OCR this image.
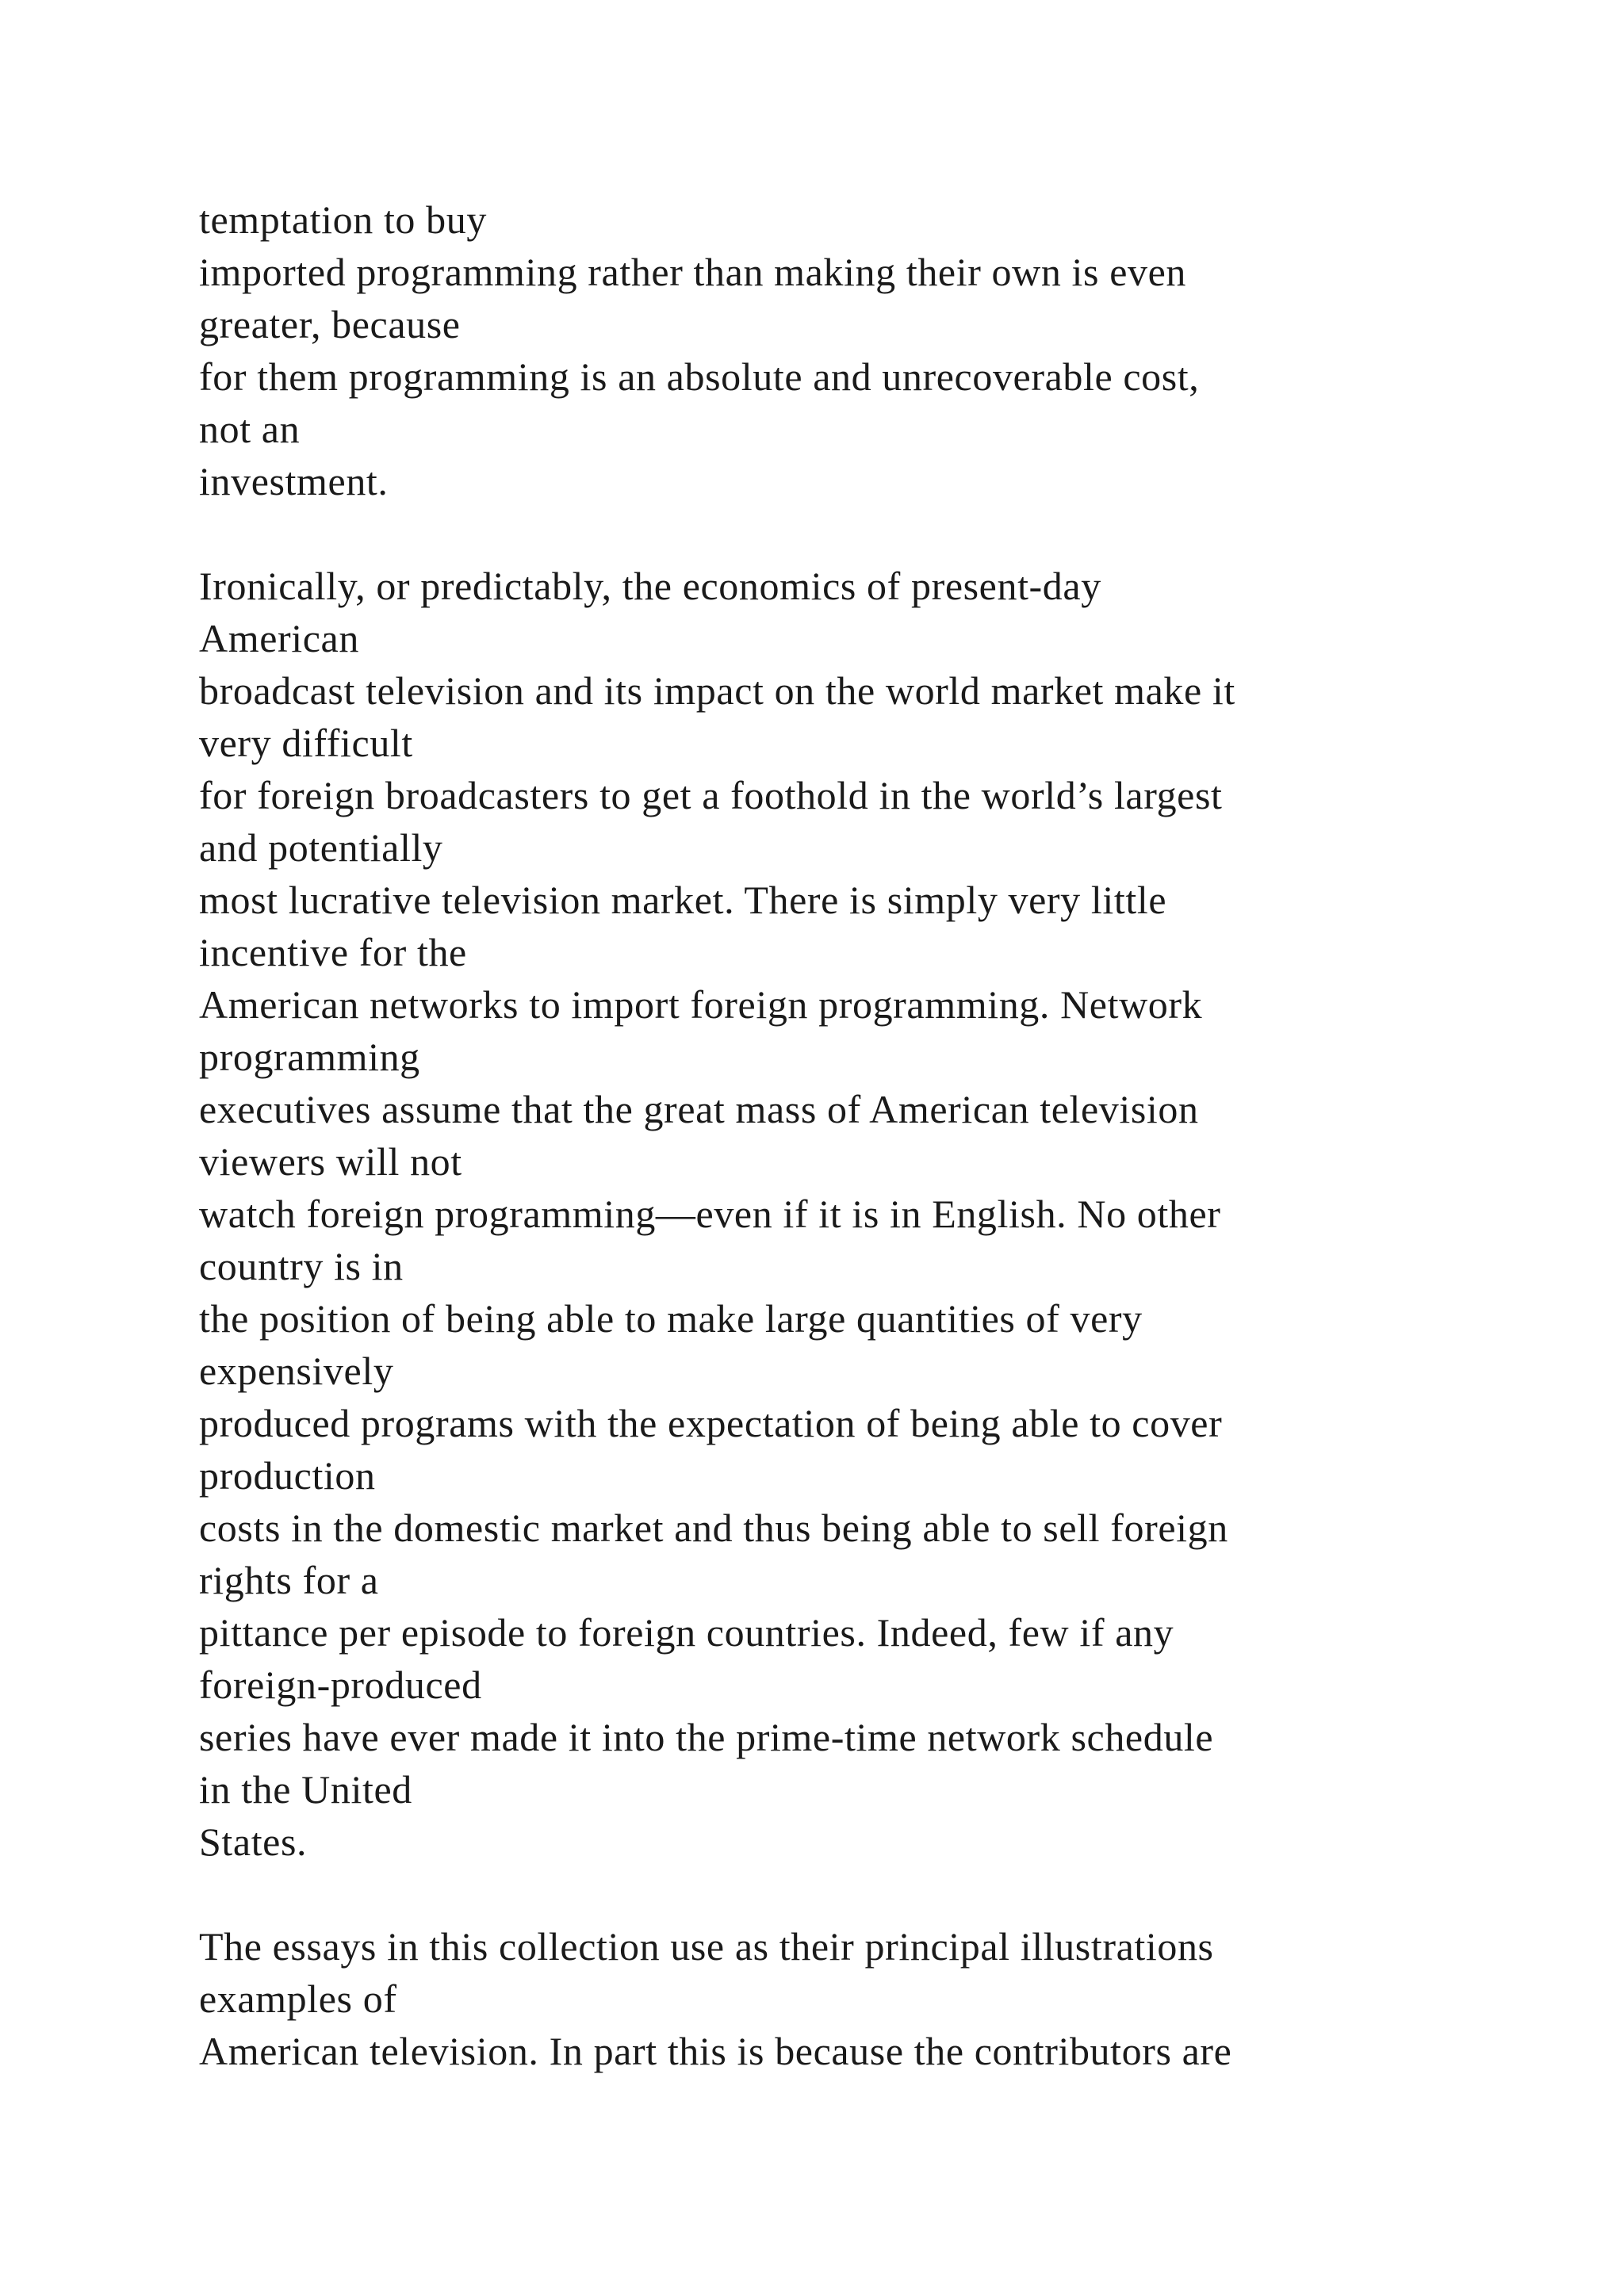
temptation to buy
imported programming rather than making their own is even
greater, because
for them programming is an absolute and unrecoverable cost,
not an
investment.
Ironically, or predictably, the economics of present-day
American
broadcast television and its impact on the world market make it
very difficult
for foreign broadcasters to get a foothold in the world’s largest
and potentially
most lucrative television market. There is simply very little
incentive for the
American networks to import foreign programming. Network
programming
executives assume that the great mass of American television
viewers will not
watch foreign programming—even if it is in English. No other
country is in
the position of being able to make large quantities of very
expensively
produced programs with the expectation of being able to cover
production
costs in the domestic market and thus being able to sell foreign
rights for a
pittance per episode to foreign countries. Indeed, few if any
foreign-produced
series have ever made it into the prime-time network schedule
in the United
States.
The essays in this collection use as their principal illustrations
examples of
American television. In part this is because the contributors are
